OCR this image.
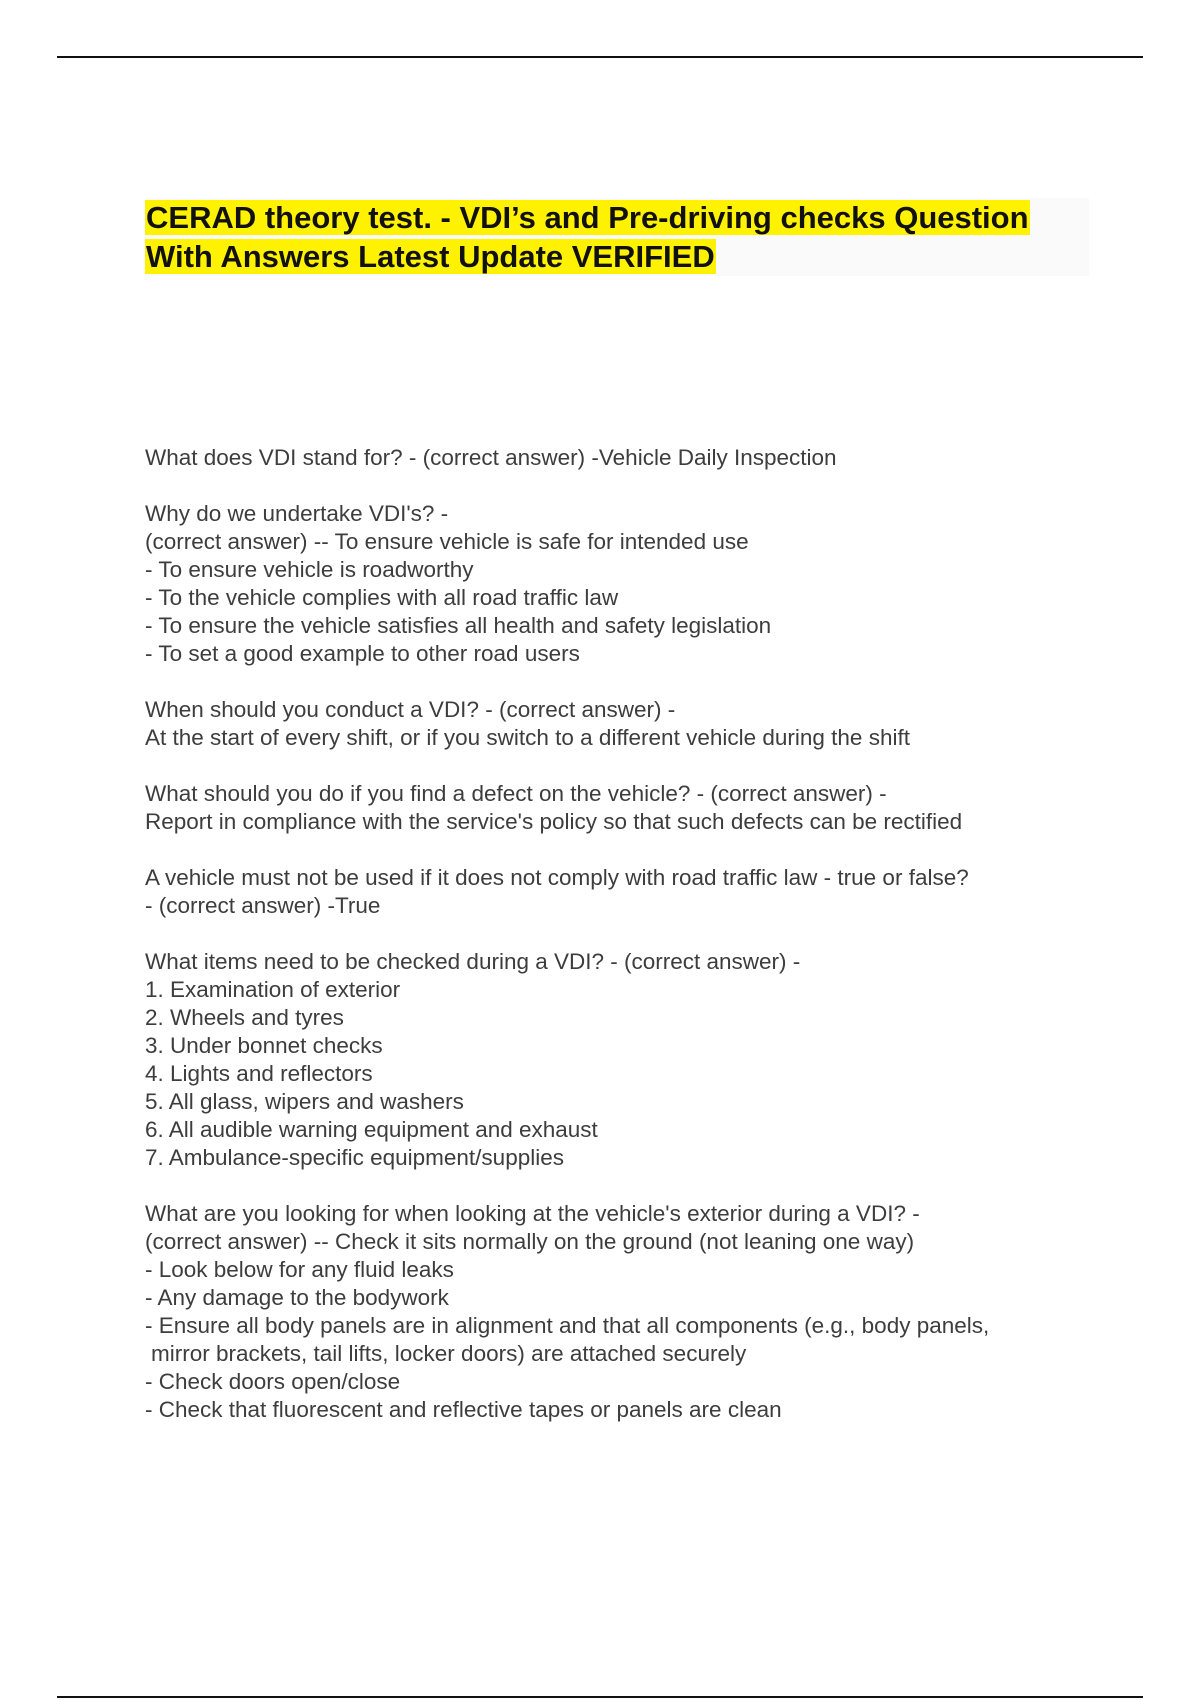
CERAD theory test. - VDI’s and Pre-driving checks Question
With Answers Latest Update VERIFIED
What does VDI stand for? - (correct answer) -Vehicle Daily Inspection
Why do we undertake VDI's? -
(correct answer) -- To ensure vehicle is safe for intended use
- To ensure vehicle is roadworthy
- To the vehicle complies with all road traffic law
- To ensure the vehicle satisfies all health and safety legislation
- To set a good example to other road users
When should you conduct a VDI? - (correct answer) -
At the start of every shift, or if you switch to a different vehicle during the shift
What should you do if you find a defect on the vehicle? - (correct answer) -
Report in compliance with the service's policy so that such defects can be rectified
A vehicle must not be used if it does not comply with road traffic law - true or false?
- (correct answer) -True
What items need to be checked during a VDI? - (correct answer) -
1. Examination of exterior
2. Wheels and tyres
3. Under bonnet checks
4. Lights and reflectors
5. All glass, wipers and washers
6. All audible warning equipment and exhaust
7. Ambulance-specific equipment/supplies
What are you looking for when looking at the vehicle's exterior during a VDI? -
(correct answer) -- Check it sits normally on the ground (not leaning one way)
- Look below for any fluid leaks
- Any damage to the bodywork
- Ensure all body panels are in alignment and that all components (e.g., body panels,
mirror brackets, tail lifts, locker doors) are attached securely
- Check doors open/close
- Check that fluorescent and reflective tapes or panels are clean
